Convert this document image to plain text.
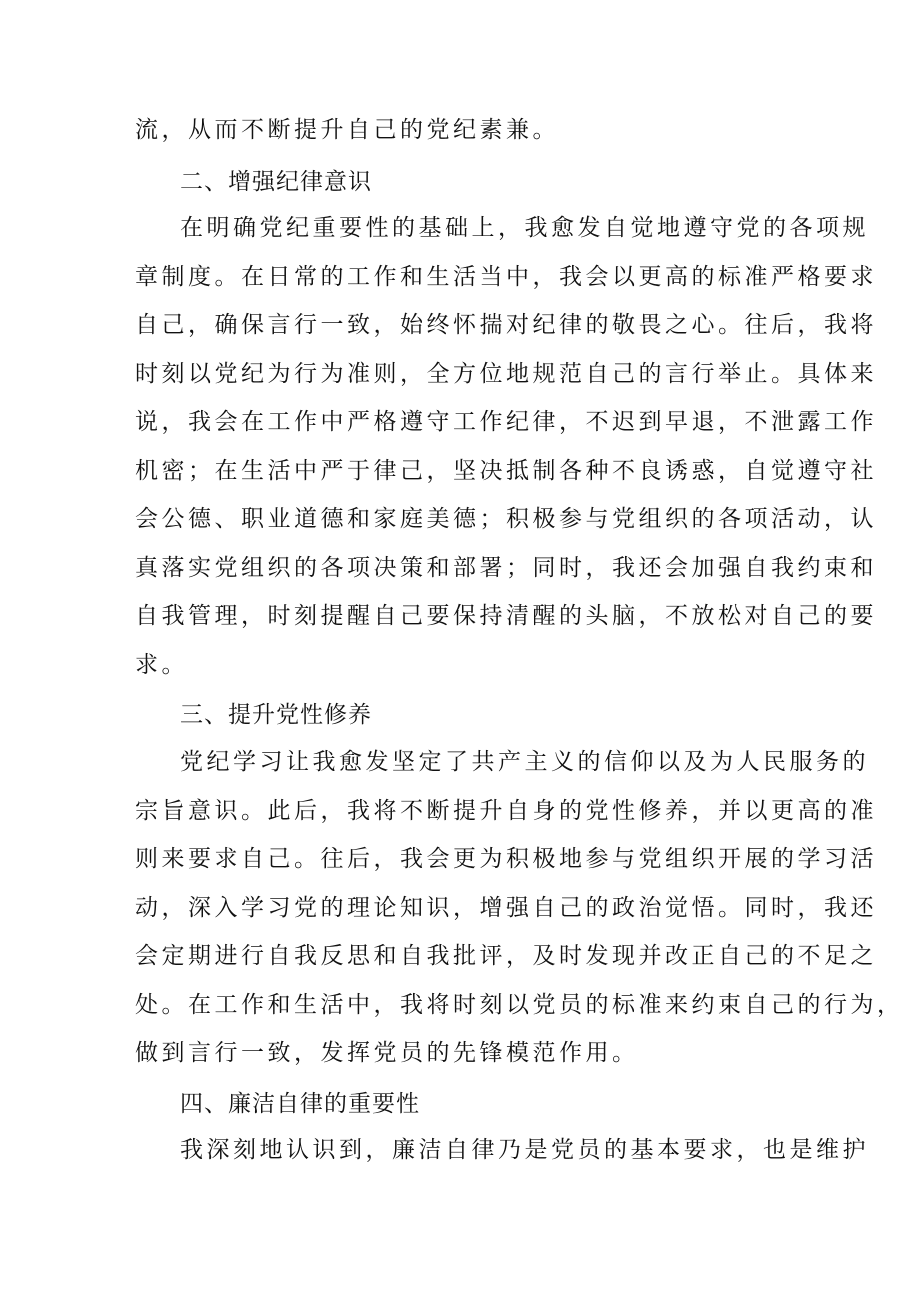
流，从而不断提升自己的党纪素兼。
二、增强纪律意识
在明确党纪重要性的基础上，我愈发自觉地遵守党的各项规
章制度。在日常的工作和生活当中，我会以更高的标准严格要求
自己，确保言行一致，始终怀揣对纪律的敬畏之心。往后，我将
时刻以党纪为行为准则，全方位地规范自己的言行举止。具体来
说，我会在工作中严格遵守工作纪律，不迟到早退，不泄露工作
机密；在生活中严于律己，坚决抵制各种不良诱惑，自觉遵守社
会公德、职业道德和家庭美德；积极参与党组织的各项活动，认
真落实党组织的各项决策和部署；同时，我还会加强自我约束和
自我管理，时刻提醒自己要保持清醒的头脑，不放松对自己的要
求。
三、提升党性修养
党纪学习让我愈发坚定了共产主义的信仰以及为人民服务的
宗旨意识。此后，我将不断提升自身的党性修养，并以更高的准
则来要求自己。往后，我会更为积极地参与党组织开展的学习活
动，深入学习党的理论知识，增强自己的政治觉悟。同时，我还
会定期进行自我反思和自我批评，及时发现并改正自己的不足之
处。在工作和生活中，我将时刻以党员的标准来约束自己的行为，
做到言行一致，发挥党员的先锋模范作用。
四、廉洁自律的重要性
我深刻地认识到，廉洁自律乃是党员的基本要求，也是维护
